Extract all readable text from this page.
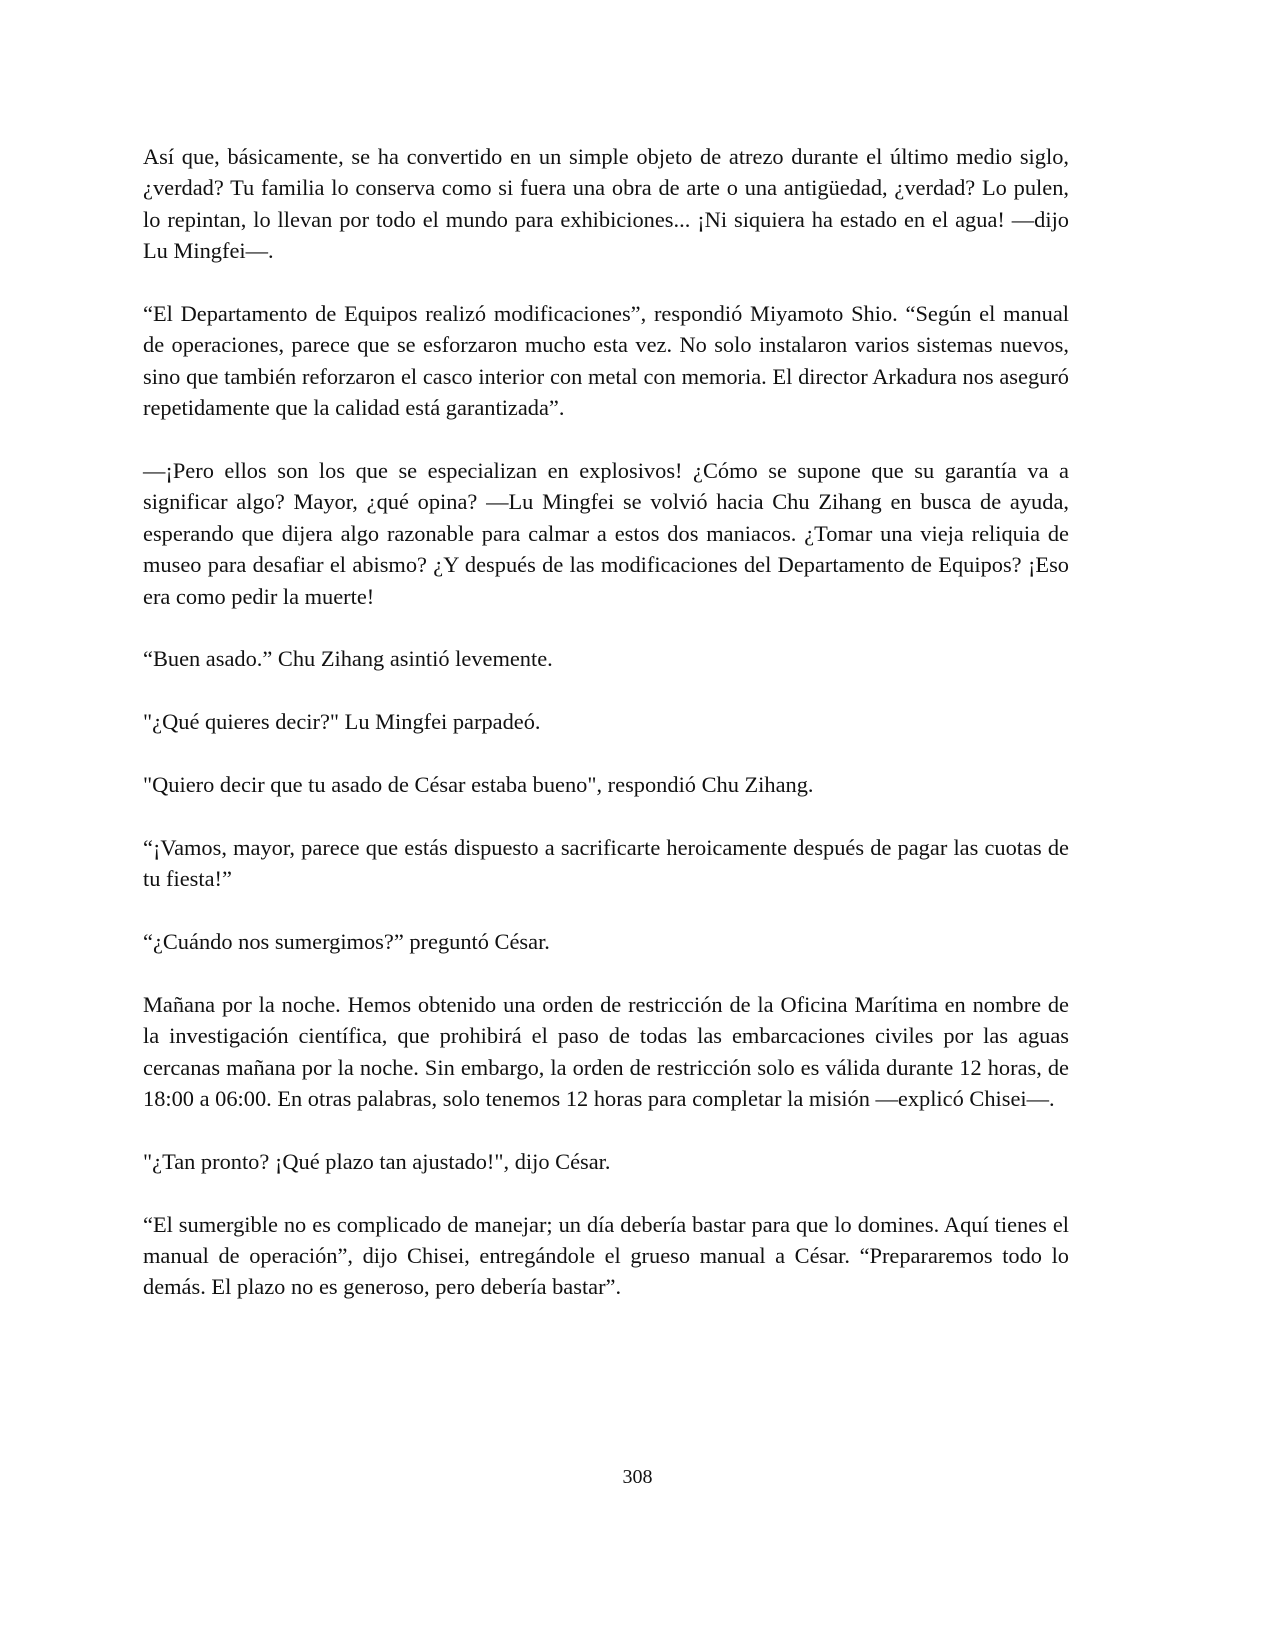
Así que, básicamente, se ha convertido en un simple objeto de atrezo durante el último medio siglo, ¿verdad? Tu familia lo conserva como si fuera una obra de arte o una antigüedad, ¿verdad? Lo pulen, lo repintan, lo llevan por todo el mundo para exhibiciones... ¡Ni siquiera ha estado en el agua! —dijo Lu Mingfei—.

“El Departamento de Equipos realizó modificaciones”, respondió Miyamoto Shio. “Según el manual de operaciones, parece que se esforzaron mucho esta vez. No solo instalaron varios sistemas nuevos, sino que también reforzaron el casco interior con metal con memoria. El director Arkadura nos aseguró repetidamente que la calidad está garantizada”.

—¡Pero ellos son los que se especializan en explosivos! ¿Cómo se supone que su garantía va a significar algo? Mayor, ¿qué opina? —Lu Mingfei se volvió hacia Chu Zihang en busca de ayuda, esperando que dijera algo razonable para calmar a estos dos maniacos. ¿Tomar una vieja reliquia de museo para desafiar el abismo? ¿Y después de las modificaciones del Departamento de Equipos? ¡Eso era como pedir la muerte!

“Buen asado.” Chu Zihang asintió levemente.

"¿Qué quieres decir?" Lu Mingfei parpadeó.

"Quiero decir que tu asado de César estaba bueno", respondió Chu Zihang.

“¡Vamos, mayor, parece que estás dispuesto a sacrificarte heroicamente después de pagar las cuotas de tu fiesta!”

“¿Cuándo nos sumergimos?” preguntó César.

Mañana por la noche. Hemos obtenido una orden de restricción de la Oficina Marítima en nombre de la investigación científica, que prohibirá el paso de todas las embarcaciones civiles por las aguas cercanas mañana por la noche. Sin embargo, la orden de restricción solo es válida durante 12 horas, de 18:00 a 06:00. En otras palabras, solo tenemos 12 horas para completar la misión —explicó Chisei—.

"¿Tan pronto? ¡Qué plazo tan ajustado!", dijo César.

“El sumergible no es complicado de manejar; un día debería bastar para que lo domines. Aquí tienes el manual de operación”, dijo Chisei, entregándole el grueso manual a César. “Prepararemos todo lo demás. El plazo no es generoso, pero debería bastar”.

308
